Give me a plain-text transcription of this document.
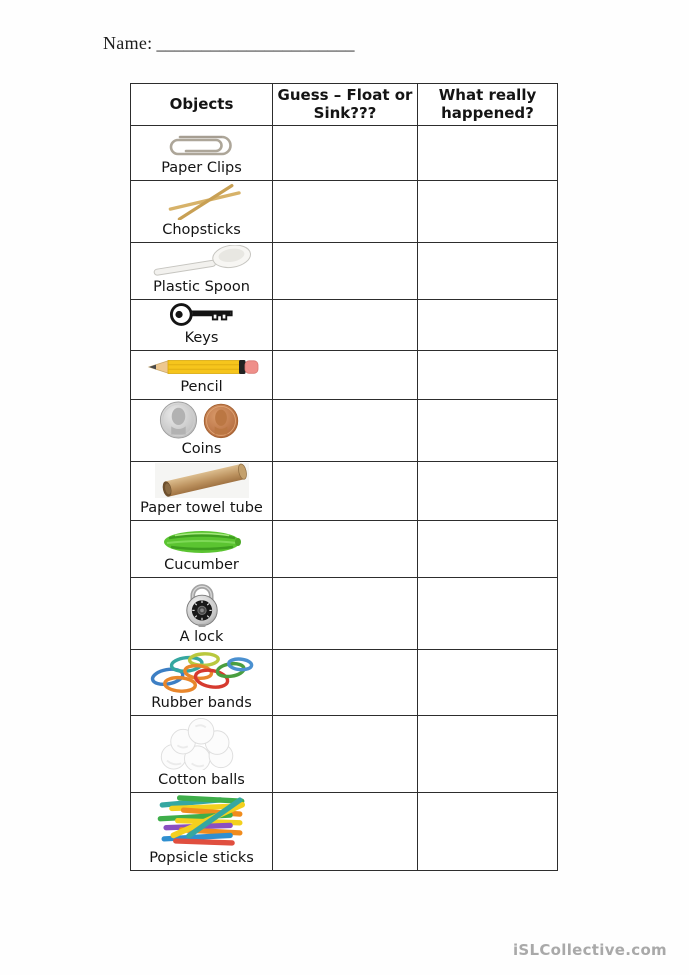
Name: ______________________
Objects	Guess – Float or Sink???	What really happened?

Paper Clips		

Chopsticks		

Plastic Spoon		

Keys		

Pencil		

Coins		

Paper towel tube		

Cucumber		

A lock		

Rubber bands		

Cotton balls		

Popsicle sticks		

iSLCollective.com
